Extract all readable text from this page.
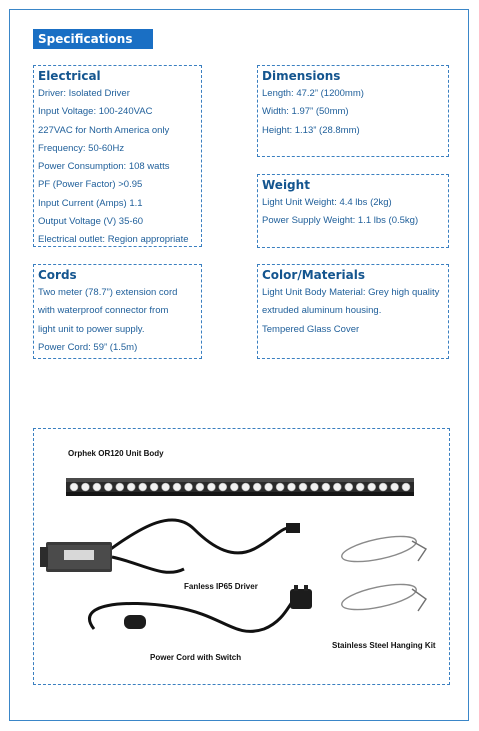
Specifications
Electrical
Driver: Isolated Driver
Input Voltage: 100-240VAC
227VAC for North America only
Frequency: 50-60Hz
Power Consumption: 108 watts
PF (Power Factor) >0.95
Input Current (Amps) 1.1
Output Voltage (V) 35-60
Electrical outlet: Region appropriate
Dimensions
Length: 47.2” (1200mm)
Width: 1.97” (50mm)
Height: 1.13” (28.8mm)
Weight
Light Unit Weight: 4.4 lbs (2kg)
Power Supply Weight: 1.1 lbs (0.5kg)
Cords
Two meter (78.7”) extension cord
with waterproof connector from
light unit to power supply.
Power Cord: 59” (1.5m)
Color/Materials
Light Unit Body Material: Grey high quality
extruded aluminum housing.
Tempered Glass Cover
Orphek OR120 Unit Body
Fanless IP65 Driver
Power Cord with Switch
Stainless Steel Hanging Kit
